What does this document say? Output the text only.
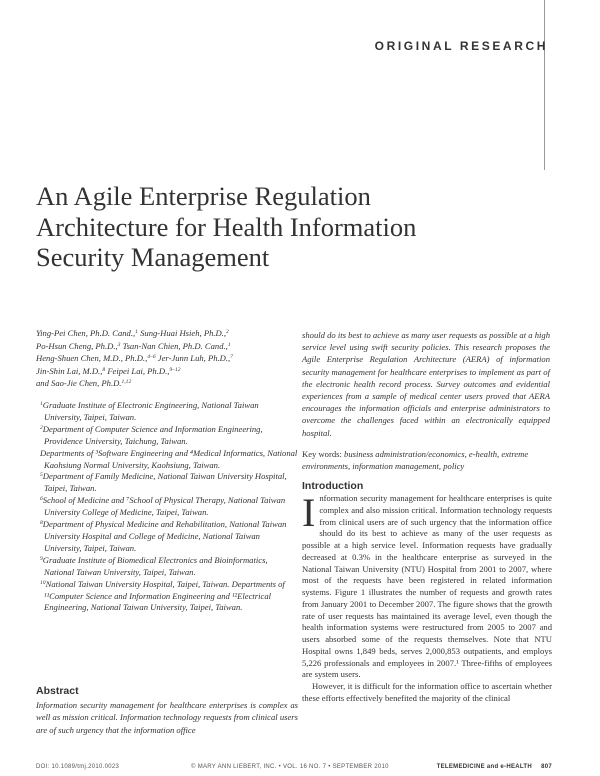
ORIGINAL RESEARCH
An Agile Enterprise Regulation Architecture for Health Information Security Management
Ying-Pei Chen, Ph.D. Cand.,$^1$ Sung-Huai Hsieh, Ph.D.,$^2$
Po-Hsun Cheng, Ph.D.,$^3$ Tsan-Nan Chien, Ph.D. Cand.,$^1$
Heng-Shuen Chen, M.D., Ph.D.,$^{4-6}$ Jer-Junn Luh, Ph.D.,$^7$
Jin-Shin Lai, M.D.,$^8$ Feipei Lai, Ph.D.,$^{9-12}$
and Sao-Jie Chen, Ph.D.$^{1,12}$
$^1$Graduate Institute of Electronic Engineering, National Taiwan University, Taipei, Taiwan.
$^2$Department of Computer Science and Information Engineering, Providence University, Taichung, Taiwan.
Departments of ³Software Engineering and ⁴Medical Informatics, National Kaohsiung Normal University, Kaohsiung, Taiwan.
$^5$Department of Family Medicine, National Taiwan University Hospital, Taipei, Taiwan.
$^6$School of Medicine and ⁷School of Physical Therapy, National Taiwan University College of Medicine, Taipei, Taiwan.
$^8$Department of Physical Medicine and Rehabilitation, National Taiwan University Hospital and College of Medicine, National Taiwan University, Taipei, Taiwan.
$^9$Graduate Institute of Biomedical Electronics and Bioinformatics, National Taiwan University, Taipei, Taiwan.
$^{10}$National Taiwan University Hospital, Taipei, Taiwan. Departments of ¹¹Computer Science and Information Engineering and ¹²Electrical Engineering, National Taiwan University, Taipei, Taiwan.
Abstract
Information security management for healthcare enterprises is complex as well as mission critical. Information technology requests from clinical users are of such urgency that the information office
should do its best to achieve as many user requests as possible at a high service level using swift security policies. This research proposes the Agile Enterprise Regulation Architecture (AERA) of information security management for healthcare enterprises to implement as part of the electronic health record process. Survey outcomes and evidential experiences from a sample of medical center users proved that AERA encourages the information officials and enterprise administrators to overcome the challenges faced within an electronically equipped hospital.
Key words: business administration/economics, e-health, extreme environments, information management, policy
Introduction
I nformation security management for healthcare enterprises is quite complex and also mission critical. Information technology requests from clinical users are of such urgency that the information office should do its best to achieve as many of the user requests as possible at a high service level. Information requests have gradually decreased at 0.3% in the healthcare enterprise as surveyed in the National Taiwan University (NTU) Hospital from 2001 to 2007, where most of the requests have been registered in related information systems. Figure 1 illustrates the number of requests and growth rates from January 2001 to December 2007. The figure shows that the growth rate of user requests has maintained its average level, even though the health information systems were restructured from 2005 to 2007 and users absorbed some of the requests themselves. Note that NTU Hospital owns 1,849 beds, serves 2,000,853 outpatients, and employs 5,226 professionals and employees in 2007.¹ Three-fifths of employees are system users.

However, it is difficult for the information office to ascertain whether these efforts effectively benefited the majority of the clinical

DOI: 10.1089/tmj.2010.0023	© MARY ANN LIEBERT, INC. • VOL. 16 NO. 7 • SEPTEMBER 2010	TELEMEDICINE and e-HEALTH 807
